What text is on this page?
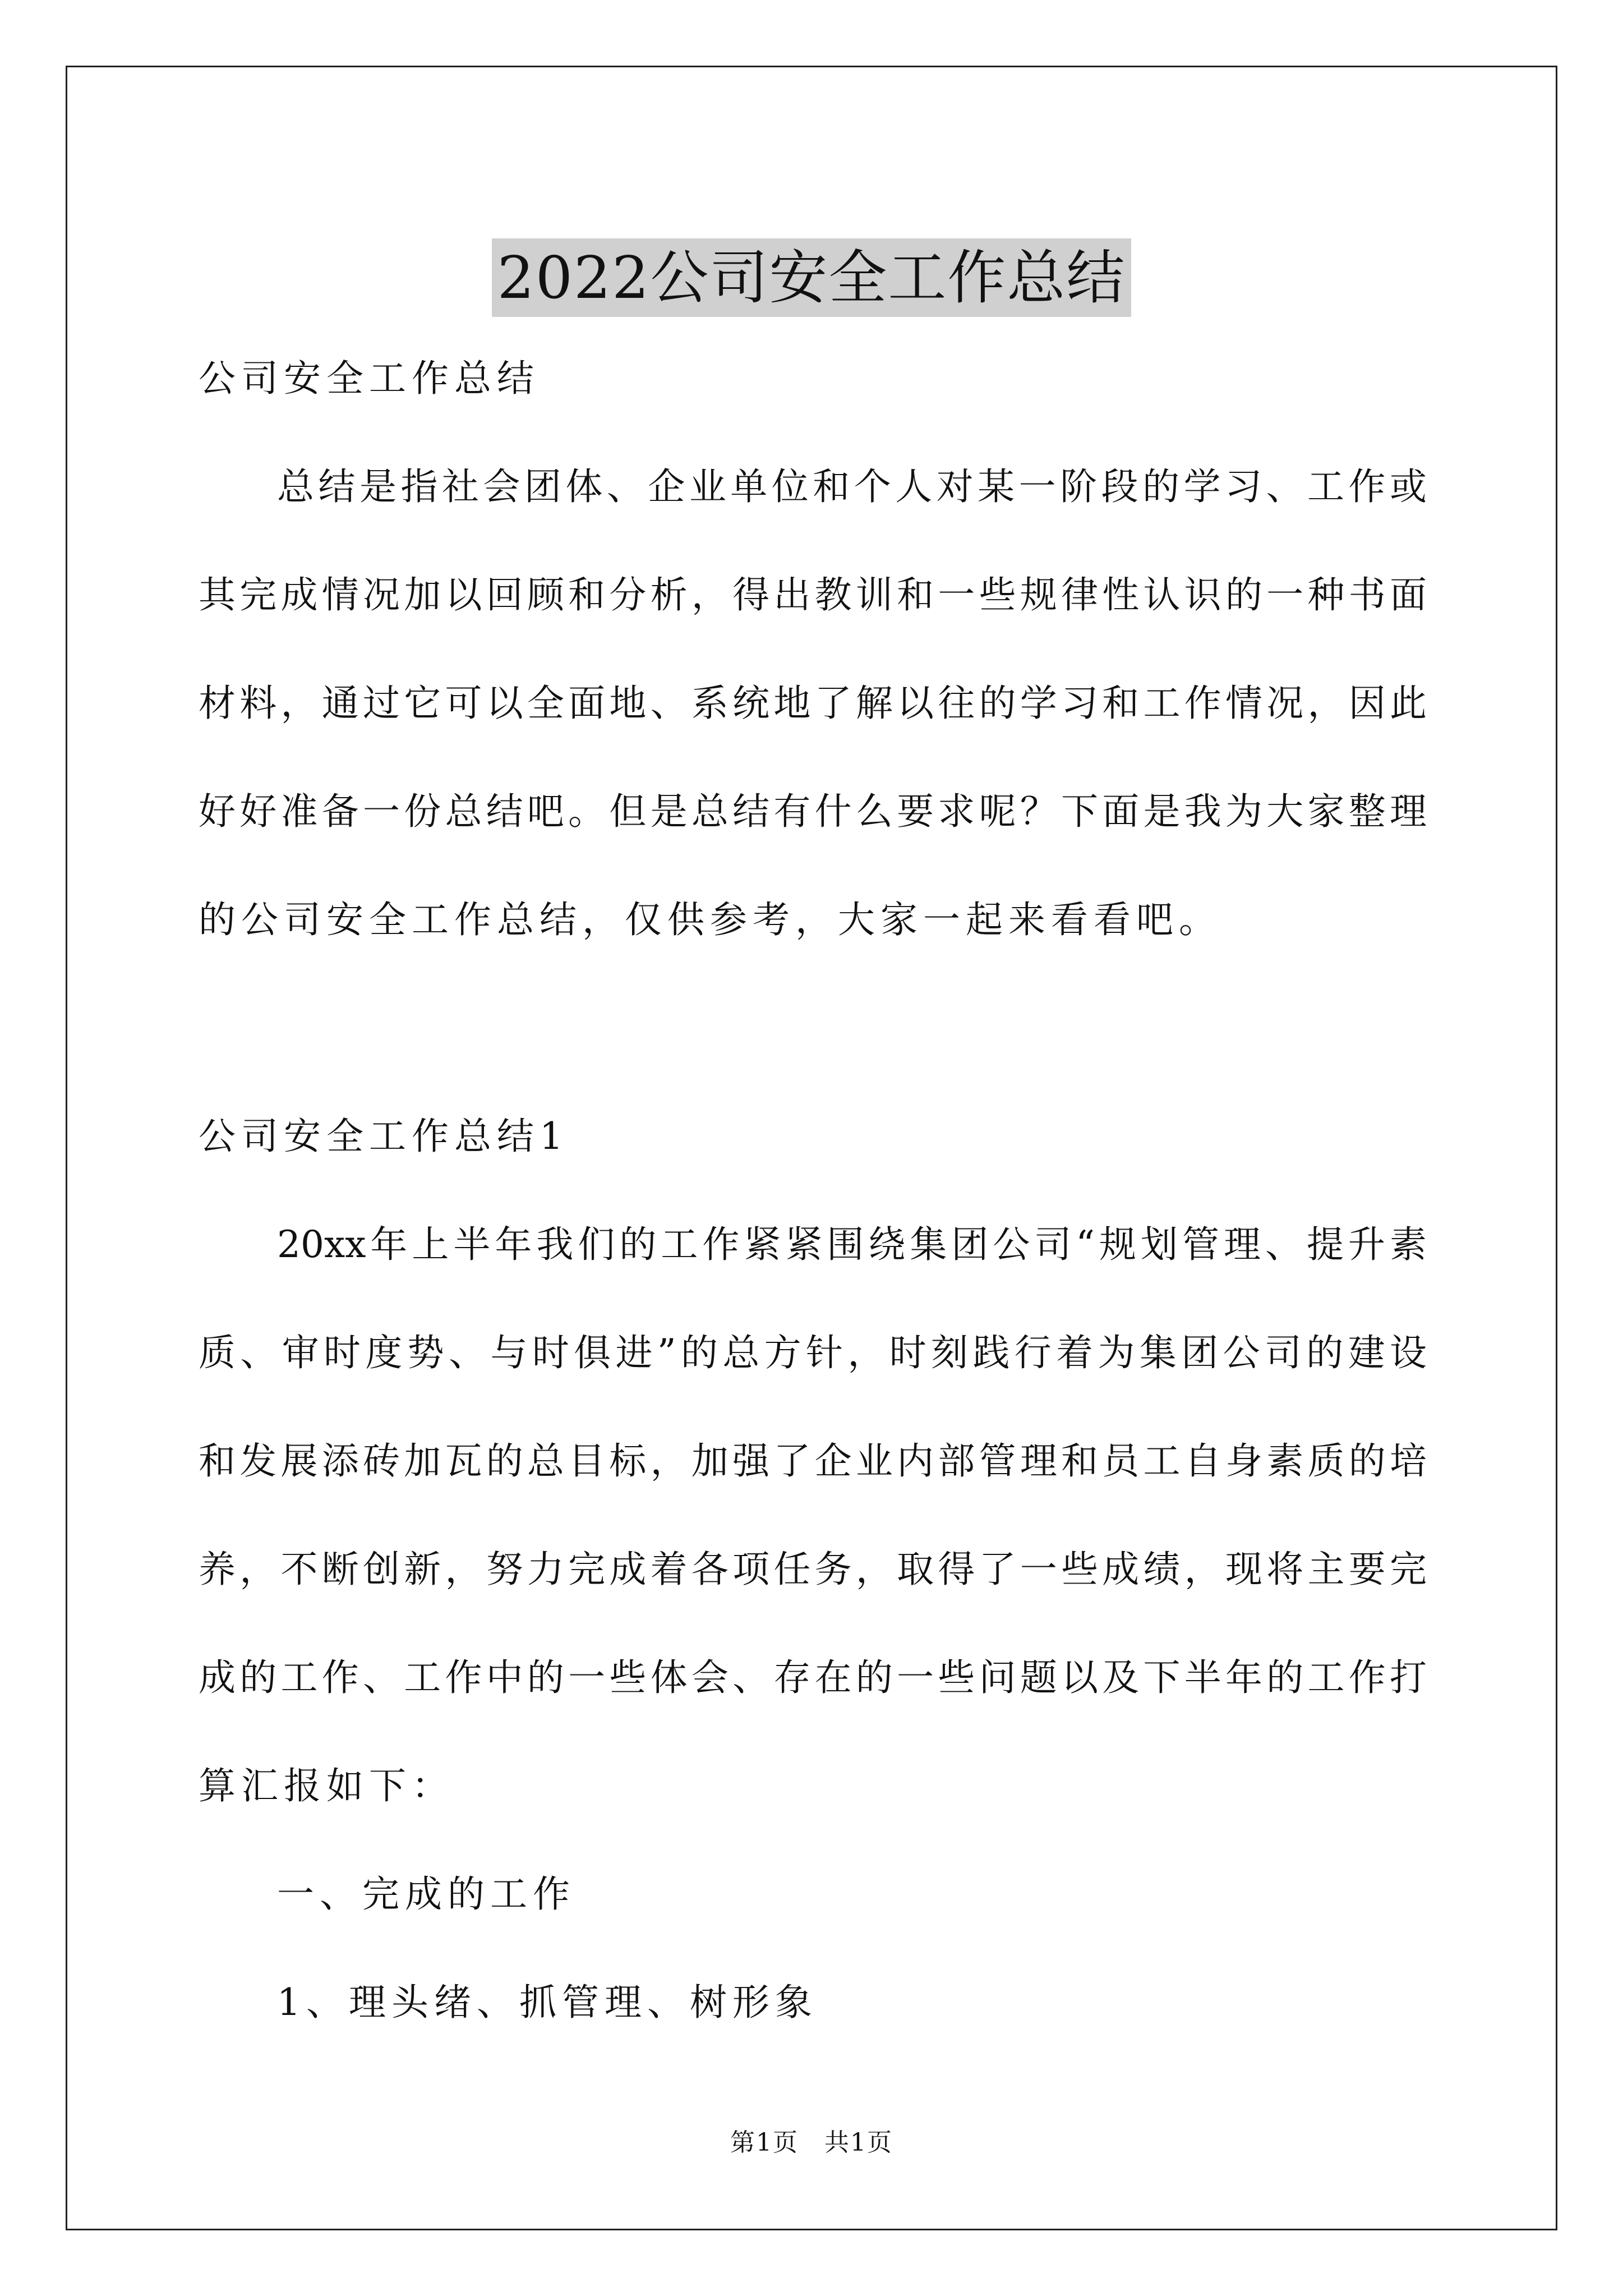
2022公司安全工作总结
公司安全工作总结
总结是指社会团体、企业单位和个人对某一阶段的学习、工作或
其完成情况加以回顾和分析，得出教训和一些规律性认识的一种书面
材料，通过它可以全面地、系统地了解以往的学习和工作情况，因此
好好准备一份总结吧。但是总结有什么要求呢？下面是我为大家整理
的公司安全工作总结，仅供参考，大家一起来看看吧。
公司安全工作总结1
20xx年上半年我们的工作紧紧围绕集团公司“规划管理、提升素
质、审时度势、与时俱进”的总方针，时刻践行着为集团公司的建设
和发展添砖加瓦的总目标，加强了企业内部管理和员工自身素质的培
养，不断创新，努力完成着各项任务，取得了一些成绩，现将主要完
成的工作、工作中的一些体会、存在的一些问题以及下半年的工作打
算汇报如下：
一、完成的工作
1、理头绪、抓管理、树形象
第1页　共1页
